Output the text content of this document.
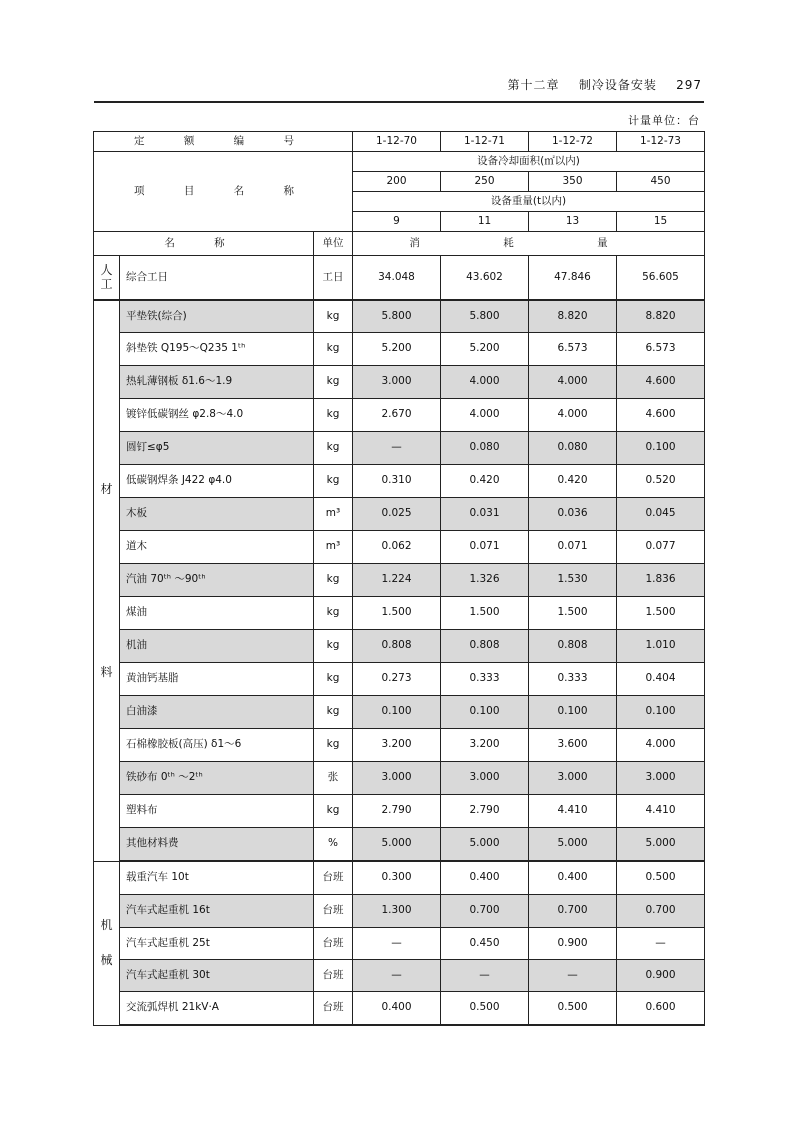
第十二章 制冷设备安装 297
计量单位：台
定 额 编 号			1-12-70	1-12-71	1-12-72	1-12-73
项 目 名 称			设备冷却面积(㎡以内)			
			200	250	350	450
			设备重量(t以内)			
			9	11	13	15
名 称		单位	消 耗 量			

人
工	综合工日	工日	34.048	43.602	47.846	56.605

材
料	平垫铁(综合)	kg	5.800	5.800	8.820	8.820
	斜垫铁 Q195～Q235 1ᵗʰ	kg	5.200	5.200	6.573	6.573
	热轧薄钢板 δ1.6～1.9	kg	3.000	4.000	4.000	4.600
	镀锌低碳钢丝 φ2.8～4.0	kg	2.670	4.000	4.000	4.600
	圆钉≤φ5	kg	—	0.080	0.080	0.100
	低碳钢焊条 J422 φ4.0	kg	0.310	0.420	0.420	0.520
	木板	m³	0.025	0.031	0.036	0.045
	道木	m³	0.062	0.071	0.071	0.077
	汽油 70ᵗʰ ～90ᵗʰ	kg	1.224	1.326	1.530	1.836
	煤油	kg	1.500	1.500	1.500	1.500
	机油	kg	0.808	0.808	0.808	1.010
	黄油钙基脂	kg	0.273	0.333	0.333	0.404
	白油漆	kg	0.100	0.100	0.100	0.100
	石棉橡胶板(高压) δ1～6	kg	3.200	3.200	3.600	4.000
	铁砂布 0ᵗʰ ～2ᵗʰ	张	3.000	3.000	3.000	3.000
	塑料布	kg	2.790	2.790	4.410	4.410
	其他材料费	%	5.000	5.000	5.000	5.000

机
械	载重汽车 10t	台班	0.300	0.400	0.400	0.500
	汽车式起重机 16t	台班	1.300	0.700	0.700	0.700
	汽车式起重机 25t	台班	—	0.450	0.900	—
	汽车式起重机 30t	台班	—	—	—	0.900
	交流弧焊机 21kV·A	台班	0.400	0.500	0.500	0.600
